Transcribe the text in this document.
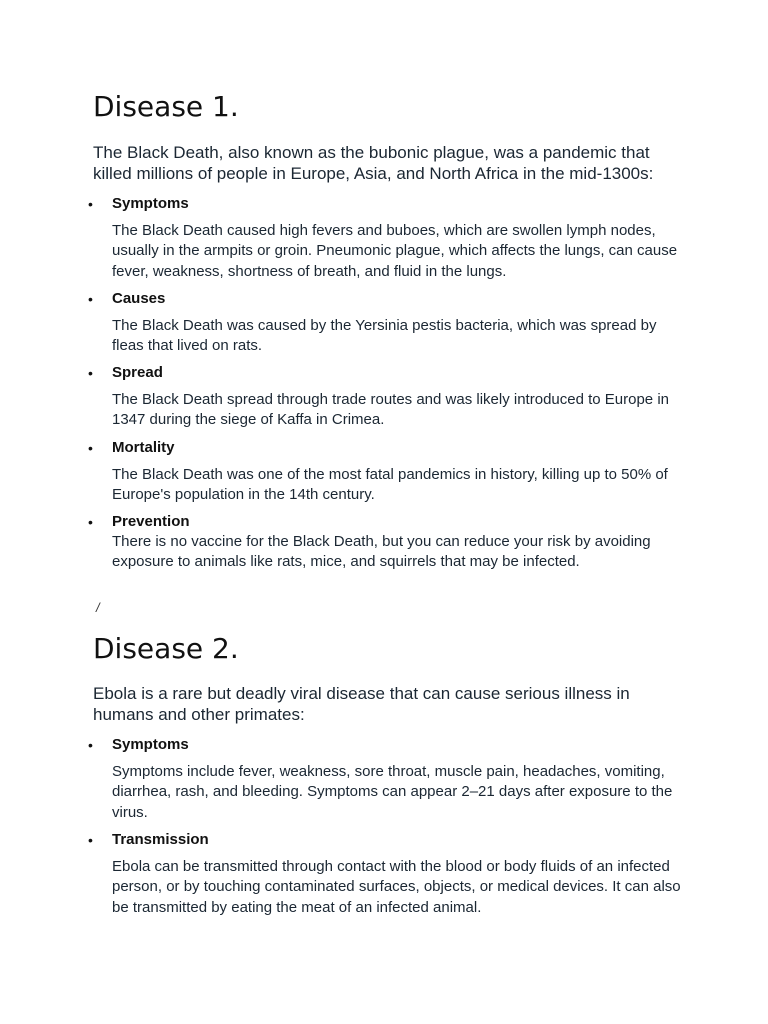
Disease 1.

The Black Death, also known as the bubonic plague, was a pandemic that killed millions of people in Europe, Asia, and North Africa in the mid-1300s:

• Symptoms

The Black Death caused high fevers and buboes, which are swollen lymph nodes, usually in the armpits or groin. Pneumonic plague, which affects the lungs, can cause fever, weakness, shortness of breath, and fluid in the lungs.

• Causes

The Black Death was caused by the Yersinia pestis bacteria, which was spread by fleas that lived on rats.

• Spread

The Black Death spread through trade routes and was likely introduced to Europe in 1347 during the siege of Kaffa in Crimea.

• Mortality

The Black Death was one of the most fatal pandemics in history, killing up to 50% of Europe's population in the 14th century.

• Prevention

There is no vaccine for the Black Death, but you can reduce your risk by avoiding exposure to animals like rats, mice, and squirrels that may be infected.

Disease 2.

Ebola is a rare but deadly viral disease that can cause serious illness in humans and other primates:

• Symptoms

Symptoms include fever, weakness, sore throat, muscle pain, headaches, vomiting, diarrhea, rash, and bleeding. Symptoms can appear 2–21 days after exposure to the virus.

• Transmission

Ebola can be transmitted through contact with the blood or body fluids of an infected person, or by touching contaminated surfaces, objects, or medical devices. It can also be transmitted by eating the meat of an infected animal.

/
